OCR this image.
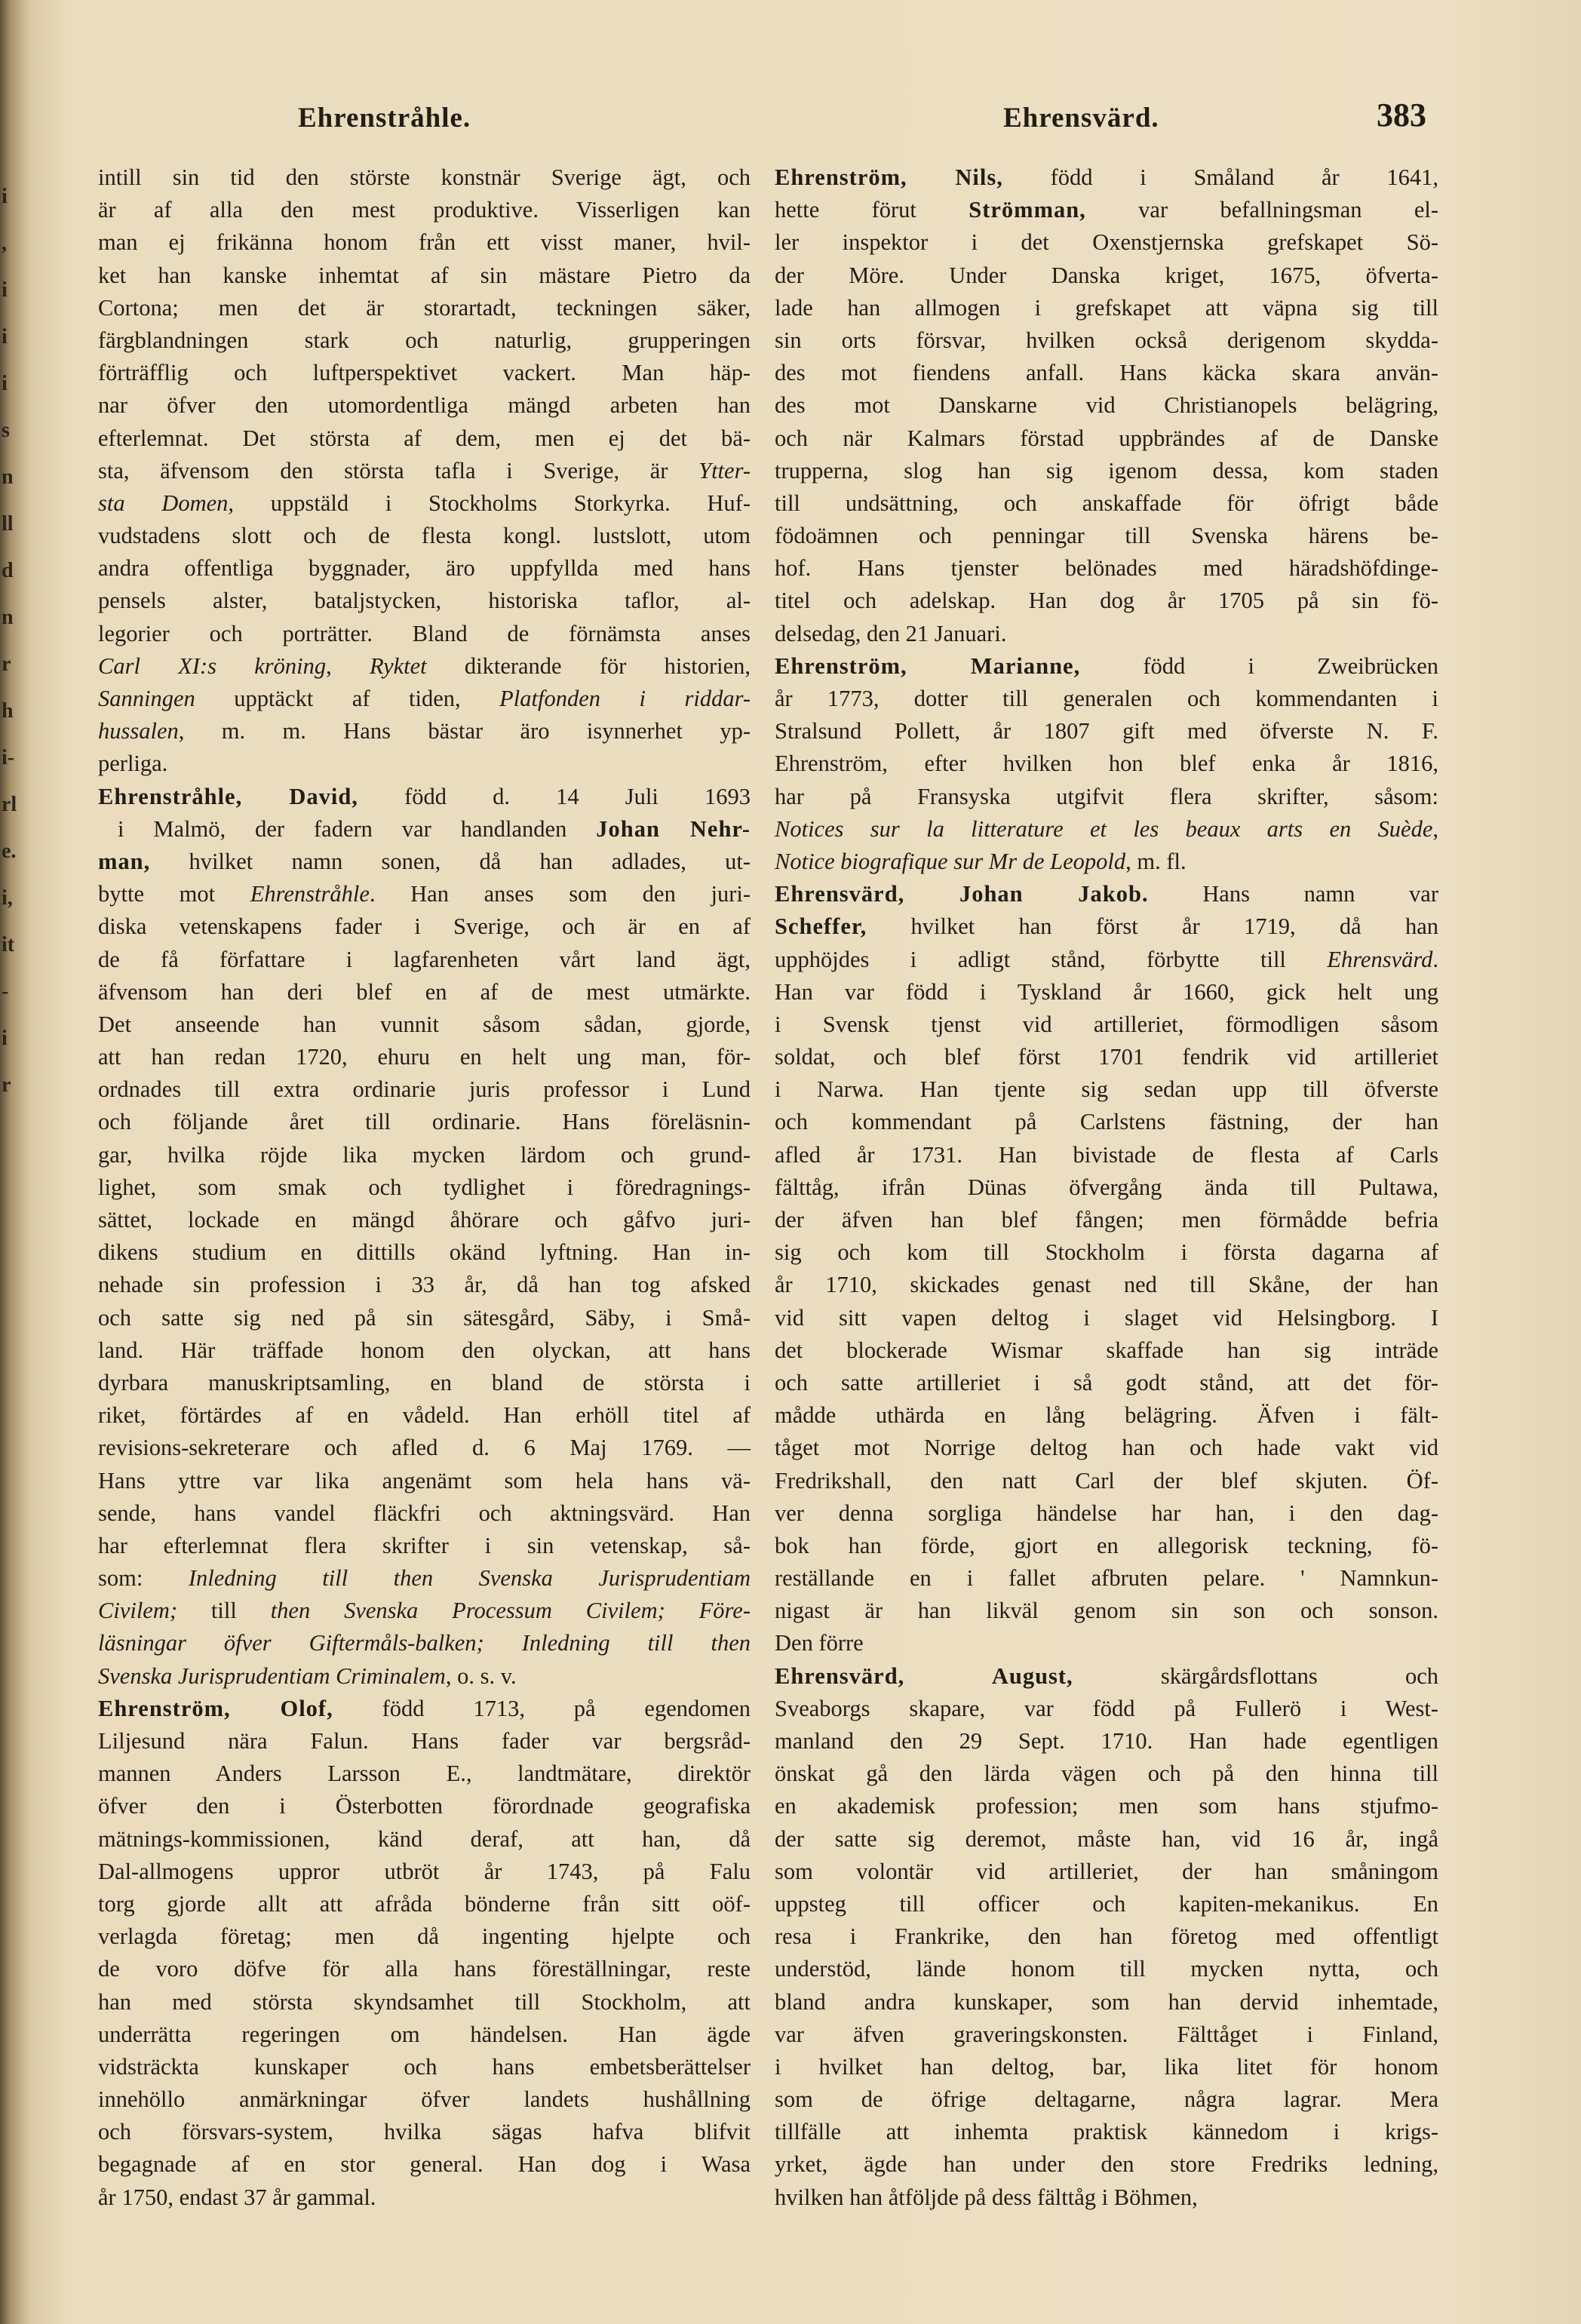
i
,
i
i
i
s
n
ll
d
n
r
h
i-
rl
e.
i,
it
-
i
r
Ehrenstråhle.	Ehrensvärd.	383
intill sin tid den störste konstnär Sverige ägt, och
är af alla den mest produktive. Visserligen kan
man ej frikänna honom från ett visst maner, hvil-
ket han kanske inhemtat af sin mästare Pietro da
Cortona; men det är storartadt, teckningen säker,
färgblandningen stark och naturlig, grupperingen
förträfflig och luftperspektivet vackert. Man häp-
nar öfver den utomordentliga mängd arbeten han
efterlemnat. Det största af dem, men ej det bä-
sta, äfvensom den största tafla i Sverige, är Ytter-
sta Domen, uppstäld i Stockholms Storkyrka. Huf-
vudstadens slott och de flesta kongl. lustslott, utom
andra offentliga byggnader, äro uppfyllda med hans
pensels alster, bataljstycken, historiska taflor, al-
legorier och porträtter. Bland de förnämsta anses
Carl XI:s kröning, Ryktet dikterande för historien,
Sanningen upptäckt af tiden, Platfonden i riddar-
hussalen, m. m. Hans bästar äro isynnerhet yp-
perliga.
Ehrenstråhle, David, född d. 14 Juli 1693
i Malmö, der fadern var handlanden Johan Nehr-
man, hvilket namn sonen, då han adlades, ut-
bytte mot Ehrenstråhle. Han anses som den juri-
diska vetenskapens fader i Sverige, och är en af
de få författare i lagfarenheten vårt land ägt,
äfvensom han deri blef en af de mest utmärkte.
Det anseende han vunnit såsom sådan, gjorde,
att han redan 1720, ehuru en helt ung man, för-
ordnades till extra ordinarie juris professor i Lund
och följande året till ordinarie. Hans föreläsnin-
gar, hvilka röjde lika mycken lärdom och grund-
lighet, som smak och tydlighet i föredragnings-
sättet, lockade en mängd åhörare och gåfvo juri-
dikens studium en dittills okänd lyftning. Han in-
nehade sin profession i 33 år, då han tog afsked
och satte sig ned på sin sätesgård, Säby, i Små-
land. Här träffade honom den olyckan, att hans
dyrbara manuskriptsamling, en bland de största i
riket, förtärdes af en vådeld. Han erhöll titel af
revisions-sekreterare och afled d. 6 Maj 1769. —
Hans yttre var lika angenämt som hela hans vä-
sende, hans vandel fläckfri och aktningsvärd. Han
har efterlemnat flera skrifter i sin vetenskap, så-
som: Inledning till then Svenska Jurisprudentiam
Civilem; till then Svenska Processum Civilem; Före-
läsningar öfver Giftermåls-balken; Inledning till then
Svenska Jurisprudentiam Criminalem, o. s. v.
Ehrenström, Olof, född 1713, på egendomen
Liljesund nära Falun. Hans fader var bergsråd-
mannen Anders Larsson E., landtmätare, direktör
öfver den i Österbotten förordnade geografiska
mätnings-kommissionen, känd deraf, att han, då
Dal-allmogens uppror utbröt år 1743, på Falu
torg gjorde allt att afråda bönderne från sitt oöf-
verlagda företag; men då ingenting hjelpte och
de voro döfve för alla hans föreställningar, reste
han med största skyndsamhet till Stockholm, att
underrätta regeringen om händelsen. Han ägde
vidsträckta kunskaper och hans embetsberättelser
innehöllo anmärkningar öfver landets hushållning
och försvars-system, hvilka sägas hafva blifvit
begagnade af en stor general. Han dog i Wasa
år 1750, endast 37 år gammal.
Ehrenström, Nils, född i Småland år 1641,
hette förut Strömman, var befallningsman el-
ler inspektor i det Oxenstjernska grefskapet Sö-
der Möre. Under Danska kriget, 1675, öfverta-
lade han allmogen i grefskapet att väpna sig till
sin orts försvar, hvilken också derigenom skydda-
des mot fiendens anfall. Hans käcka skara använ-
des mot Danskarne vid Christianopels belägring,
och när Kalmars förstad uppbrändes af de Danske
trupperna, slog han sig igenom dessa, kom staden
till undsättning, och anskaffade för öfrigt både
födoämnen och penningar till Svenska härens be-
hof. Hans tjenster belönades med häradshöfdinge-
titel och adelskap. Han dog år 1705 på sin fö-
delsedag, den 21 Januari.
Ehrenström, Marianne, född i Zweibrücken
år 1773, dotter till generalen och kommendanten i
Stralsund Pollett, år 1807 gift med öfverste N. F.
Ehrenström, efter hvilken hon blef enka år 1816,
har på Fransyska utgifvit flera skrifter, såsom:
Notices sur la litterature et les beaux arts en Suède,
Notice biografique sur Mr de Leopold, m. fl.
Ehrensvärd, Johan Jakob. Hans namn var
Scheffer, hvilket han först år 1719, då han
upphöjdes i adligt stånd, förbytte till Ehrensvärd.
Han var född i Tyskland år 1660, gick helt ung
i Svensk tjenst vid artilleriet, förmodligen såsom
soldat, och blef först 1701 fendrik vid artilleriet
i Narwa. Han tjente sig sedan upp till öfverste
och kommendant på Carlstens fästning, der han
afled år 1731. Han bivistade de flesta af Carls
fälttåg, ifrån Dünas öfvergång ända till Pultawa,
der äfven han blef fången; men förmådde befria
sig och kom till Stockholm i första dagarna af
år 1710, skickades genast ned till Skåne, der han
vid sitt vapen deltog i slaget vid Helsingborg. I
det blockerade Wismar skaffade han sig inträde
och satte artilleriet i så godt stånd, att det för-
mådde uthärda en lång belägring. Äfven i fält-
tåget mot Norrige deltog han och hade vakt vid
Fredrikshall, den natt Carl der blef skjuten. Öf-
ver denna sorgliga händelse har han, i den dag-
bok han förde, gjort en allegorisk teckning, fö-
reställande en i fallet afbruten pelare. ' Namnkun-
nigast är han likväl genom sin son och sonson.
Den förre
Ehrensvärd, August, skärgårdsflottans och
Sveaborgs skapare, var född på Fullerö i West-
manland den 29 Sept. 1710. Han hade egentligen
önskat gå den lärda vägen och på den hinna till
en akademisk profession; men som hans stjufmo-
der satte sig deremot, måste han, vid 16 år, ingå
som volontär vid artilleriet, der han småningom
uppsteg till officer och kapiten-mekanikus. En
resa i Frankrike, den han företog med offentligt
understöd, lände honom till mycken nytta, och
bland andra kunskaper, som han dervid inhemtade,
var äfven graveringskonsten. Fälttåget i Finland,
i hvilket han deltog, bar, lika litet för honom
som de öfrige deltagarne, några lagrar. Mera
tillfälle att inhemta praktisk kännedom i krigs-
yrket, ägde han under den store Fredriks ledning,
hvilken han åtföljde på dess fälttåg i Böhmen,
